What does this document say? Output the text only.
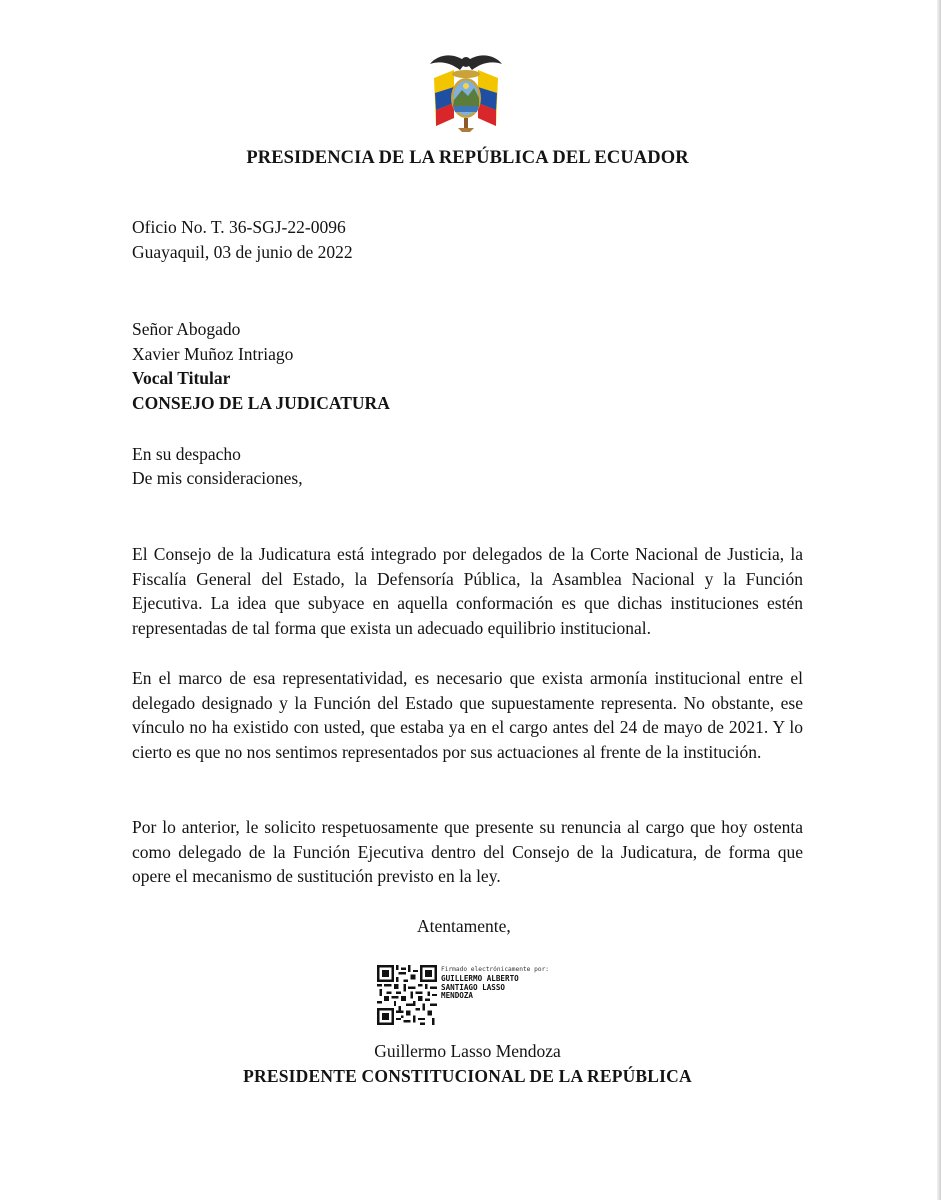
PRESIDENCIA DE LA REPÚBLICA DEL ECUADOR
Oficio No. T. 36-SGJ-22-0096
Guayaquil, 03 de junio de 2022
Señor Abogado
Xavier Muñoz Intriago
Vocal Titular
CONSEJO DE LA JUDICATURA
En su despacho
De mis consideraciones,
El Consejo de la Judicatura está integrado por delegados de la Corte Nacional de Justicia, la Fiscalía General del Estado, la Defensoría Pública, la Asamblea Nacional y la Función Ejecutiva. La idea que subyace en aquella conformación es que dichas instituciones estén representadas de tal forma que exista un adecuado equilibrio institucional.
En el marco de esa representatividad, es necesario que exista armonía institucional entre el delegado designado y la Función del Estado que supuestamente representa. No obstante, ese vínculo no ha existido con usted, que estaba ya en el cargo antes del 24 de mayo de 2021. Y lo cierto es que no nos sentimos representados por sus actuaciones al frente de la institución.
Por lo anterior, le solicito respetuosamente que presente su renuncia al cargo que hoy ostenta como delegado de la Función Ejecutiva dentro del Consejo de la Judicatura, de forma que opere el mecanismo de sustitución previsto en la ley.
Atentamente,
Firmado electrónicamente por:
GUILLERMO ALBERTO SANTIAGO LASSO MENDOZA
Guillermo Lasso Mendoza
PRESIDENTE CONSTITUCIONAL DE LA REPÚBLICA
